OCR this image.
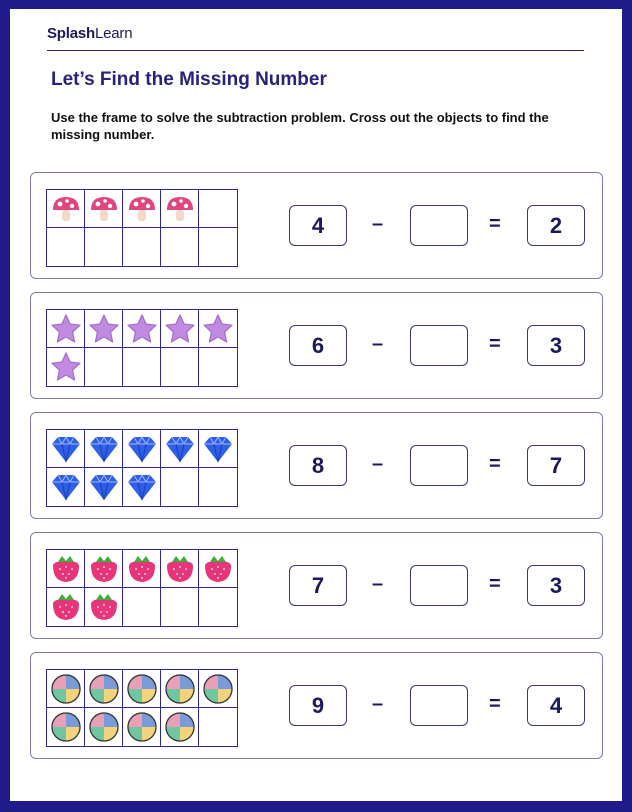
SplashLearn
Let’s Find the Missing Number
Use the frame to solve the subtraction problem. Cross out the objects to find the missing number.
4	–	=	2
6	–	=	3
8	–	=	7
7	–	=	3
9	–	=	4
